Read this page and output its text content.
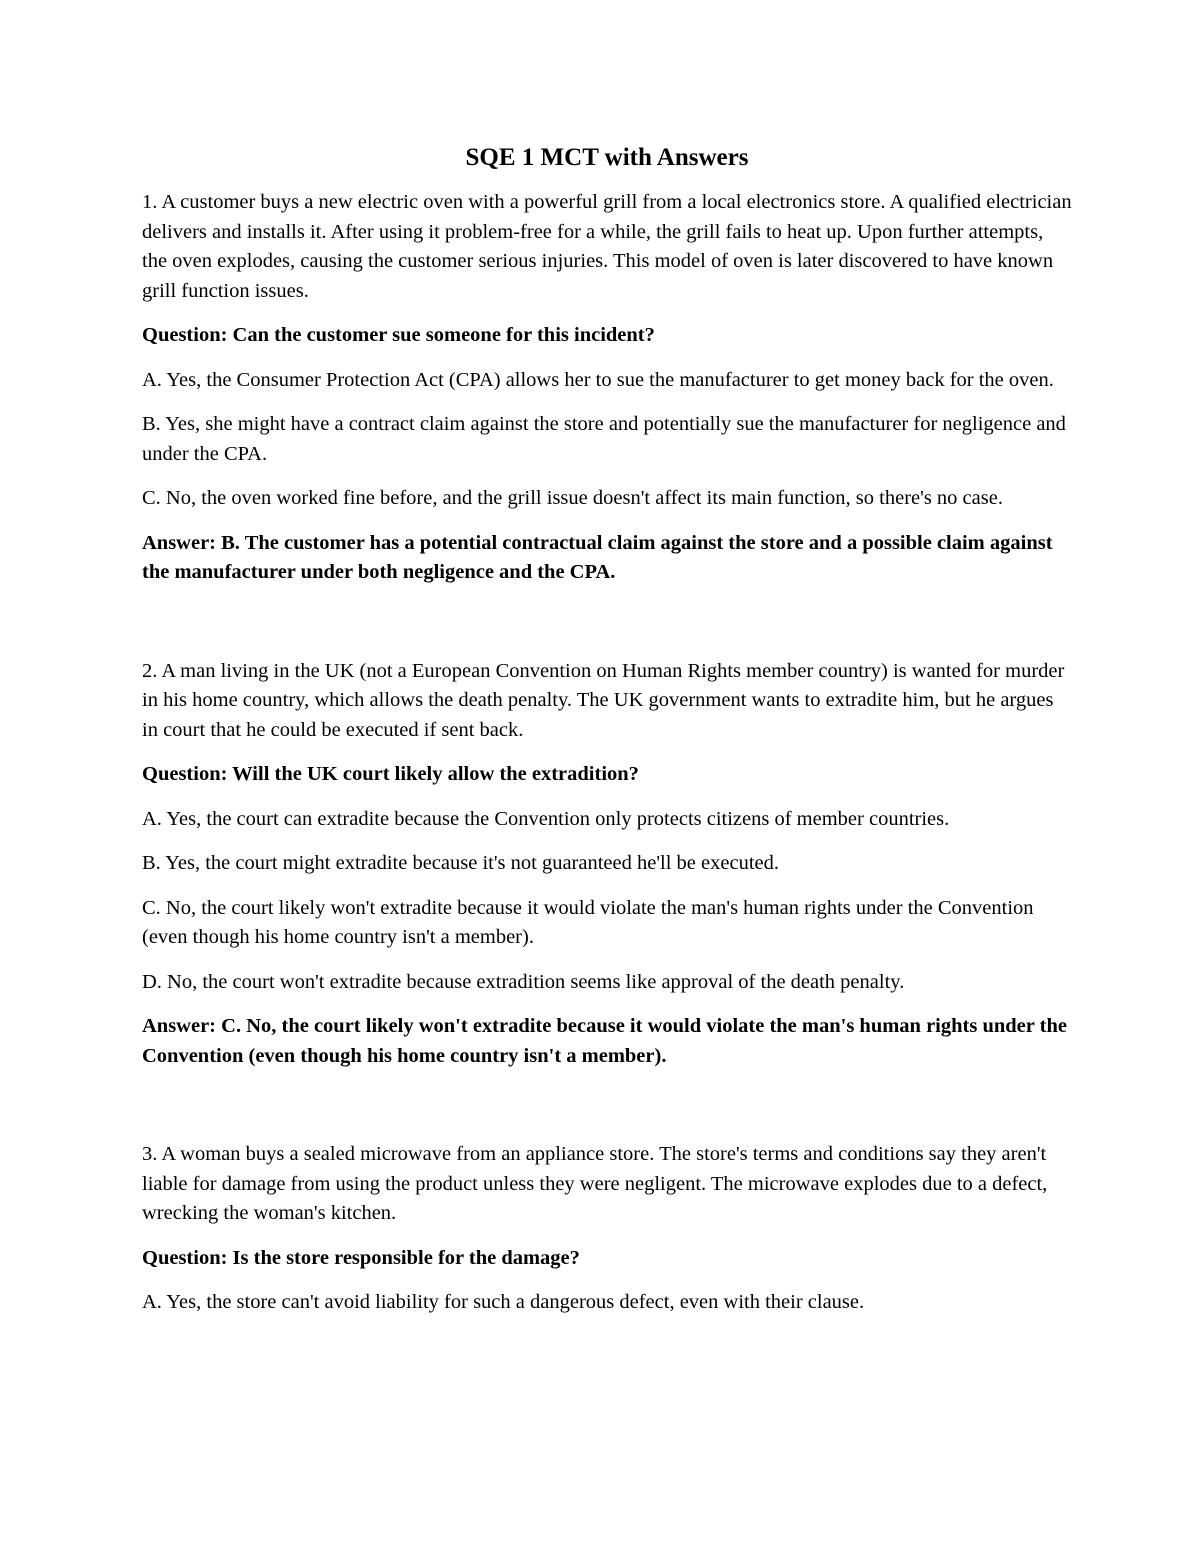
SQE 1 MCT with Answers

1. A customer buys a new electric oven with a powerful grill from a local electronics store. A qualified electrician delivers and installs it. After using it problem-free for a while, the grill fails to heat up. Upon further attempts, the oven explodes, causing the customer serious injuries. This model of oven is later discovered to have known grill function issues.

Question: Can the customer sue someone for this incident?

A. Yes, the Consumer Protection Act (CPA) allows her to sue the manufacturer to get money back for the oven.

B. Yes, she might have a contract claim against the store and potentially sue the manufacturer for negligence and under the CPA.

C. No, the oven worked fine before, and the grill issue doesn't affect its main function, so there's no case.

Answer: B. The customer has a potential contractual claim against the store and a possible claim against the manufacturer under both negligence and the CPA.

2. A man living in the UK (not a European Convention on Human Rights member country) is wanted for murder in his home country, which allows the death penalty. The UK government wants to extradite him, but he argues in court that he could be executed if sent back.

Question: Will the UK court likely allow the extradition?

A. Yes, the court can extradite because the Convention only protects citizens of member countries.

B. Yes, the court might extradite because it's not guaranteed he'll be executed.

C. No, the court likely won't extradite because it would violate the man's human rights under the Convention (even though his home country isn't a member).

D. No, the court won't extradite because extradition seems like approval of the death penalty.

Answer: C. No, the court likely won't extradite because it would violate the man's human rights under the Convention (even though his home country isn't a member).

3. A woman buys a sealed microwave from an appliance store. The store's terms and conditions say they aren't liable for damage from using the product unless they were negligent. The microwave explodes due to a defect, wrecking the woman's kitchen.

Question: Is the store responsible for the damage?

A. Yes, the store can't avoid liability for such a dangerous defect, even with their clause.
